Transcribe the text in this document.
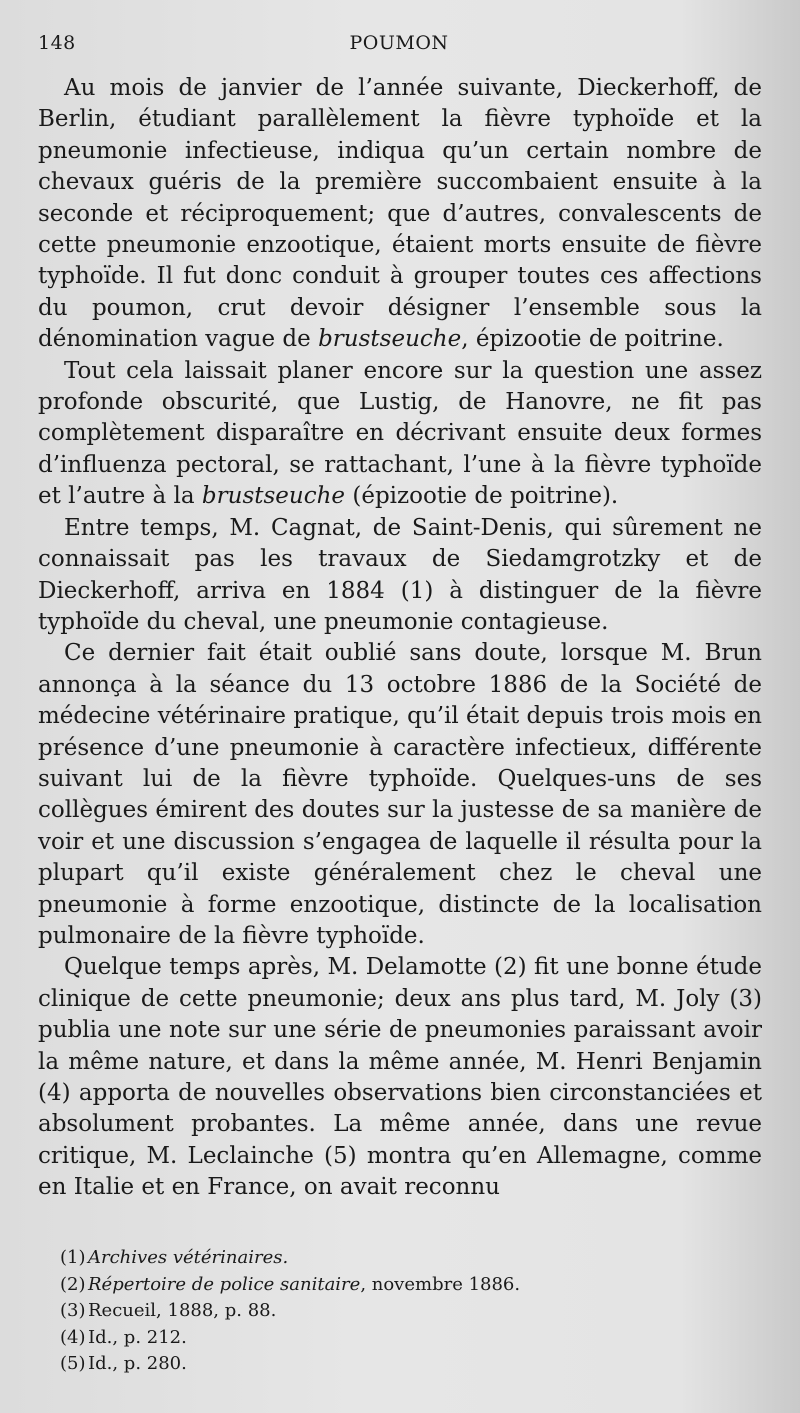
148	POUMON

Au mois de janvier de l’année suivante, Dieckerhoff, de Berlin, étudiant parallèlement la fièvre typhoïde et la pneumonie infectieuse, indiqua qu’un certain nombre de chevaux guéris de la première succombaient ensuite à la seconde et réciproquement; que d’autres, convalescents de cette pneumonie enzootique, étaient morts ensuite de fièvre typhoïde. Il fut donc conduit à grouper toutes ces affections du poumon, crut devoir désigner l’ensemble sous la dénomination vague de brustseuche, épizootie de poitrine.

Tout cela laissait planer encore sur la question une assez profonde obscurité, que Lustig, de Hanovre, ne fit pas complètement disparaître en décrivant ensuite deux formes d’influenza pectoral, se rattachant, l’une à la fièvre typhoïde et l’autre à la brustseuche (épizootie de poitrine).

Entre temps, M. Cagnat, de Saint-Denis, qui sûrement ne connaissait pas les travaux de Siedamgrotzky et de Dieckerhoff, arriva en 1884 (1) à distinguer de la fièvre typhoïde du cheval, une pneumonie contagieuse.

Ce dernier fait était oublié sans doute, lorsque M. Brun annonça à la séance du 13 octobre 1886 de la Société de médecine vétérinaire pratique, qu’il était depuis trois mois en présence d’une pneumonie à caractère infectieux, différente suivant lui de la fièvre typhoïde. Quelques-uns de ses collègues émirent des doutes sur la justesse de sa manière de voir et une discussion s’engagea de laquelle il résulta pour la plupart qu’il existe généralement chez le cheval une pneumonie à forme enzootique, distincte de la localisation pulmonaire de la fièvre typhoïde.

Quelque temps après, M. Delamotte (2) fit une bonne étude clinique de cette pneumonie; deux ans plus tard, M. Joly (3) publia une note sur une série de pneumonies paraissant avoir la même nature, et dans la même année, M. Henri Benjamin (4) apporta de nouvelles observations bien circonstanciées et absolument probantes. La même année, dans une revue critique, M. Leclainche (5) montra qu’en Allemagne, comme en Italie et en France, on avait reconnu

(1) Archives vétérinaires.
(2) Répertoire de police sanitaire, novembre 1886.
(3) Recueil, 1888, p. 88.
(4) Id., p. 212.
(5) Id., p. 280.
